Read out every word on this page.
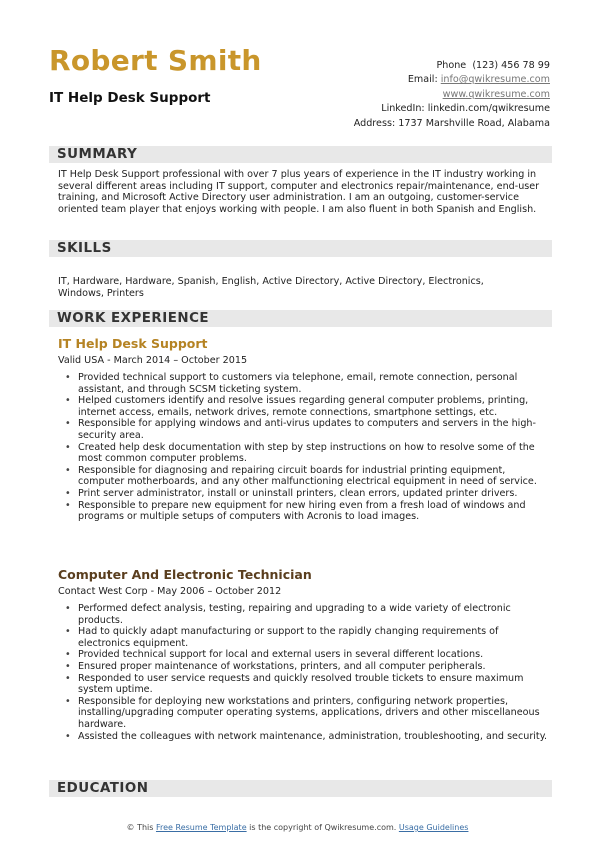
Robert Smith
IT Help Desk Support
Phone (123) 456 78 99
Email: info@qwikresume.com
www.qwikresume.com
LinkedIn: linkedin.com/qwikresume
Address: 1737 Marshville Road, Alabama
SUMMARY
IT Help Desk Support professional with over 7 plus years of experience in the IT industry working in several different areas including IT support, computer and electronics repair/maintenance, end-user training, and Microsoft Active Directory user administration. I am an outgoing, customer-service oriented team player that enjoys working with people. I am also fluent in both Spanish and English.
SKILLS
IT, Hardware, Hardware, Spanish, English, Active Directory, Active Directory, Electronics, Windows, Printers
WORK EXPERIENCE
IT Help Desk Support
Valid USA - March 2014 – October 2015
• Provided technical support to customers via telephone, email, remote connection, personal assistant, and through SCSM ticketing system.
• Helped customers identify and resolve issues regarding general computer problems, printing, internet access, emails, network drives, remote connections, smartphone settings, etc.
• Responsible for applying windows and anti-virus updates to computers and servers in the high-security area.
• Created help desk documentation with step by step instructions on how to resolve some of the most common computer problems.
• Responsible for diagnosing and repairing circuit boards for industrial printing equipment, computer motherboards, and any other malfunctioning electrical equipment in need of service.
• Print server administrator, install or uninstall printers, clean errors, updated printer drivers.
• Responsible to prepare new equipment for new hiring even from a fresh load of windows and programs or multiple setups of computers with Acronis to load images.
Computer And Electronic Technician
Contact West Corp - May 2006 – October 2012
• Performed defect analysis, testing, repairing and upgrading to a wide variety of electronic products.
• Had to quickly adapt manufacturing or support to the rapidly changing requirements of electronics equipment.
• Provided technical support for local and external users in several different locations.
• Ensured proper maintenance of workstations, printers, and all computer peripherals.
• Responded to user service requests and quickly resolved trouble tickets to ensure maximum system uptime.
• Responsible for deploying new workstations and printers, configuring network properties, installing/upgrading computer operating systems, applications, drivers and other miscellaneous hardware.
• Assisted the colleagues with network maintenance, administration, troubleshooting, and security.
EDUCATION
© This Free Resume Template is the copyright of Qwikresume.com. Usage Guidelines
